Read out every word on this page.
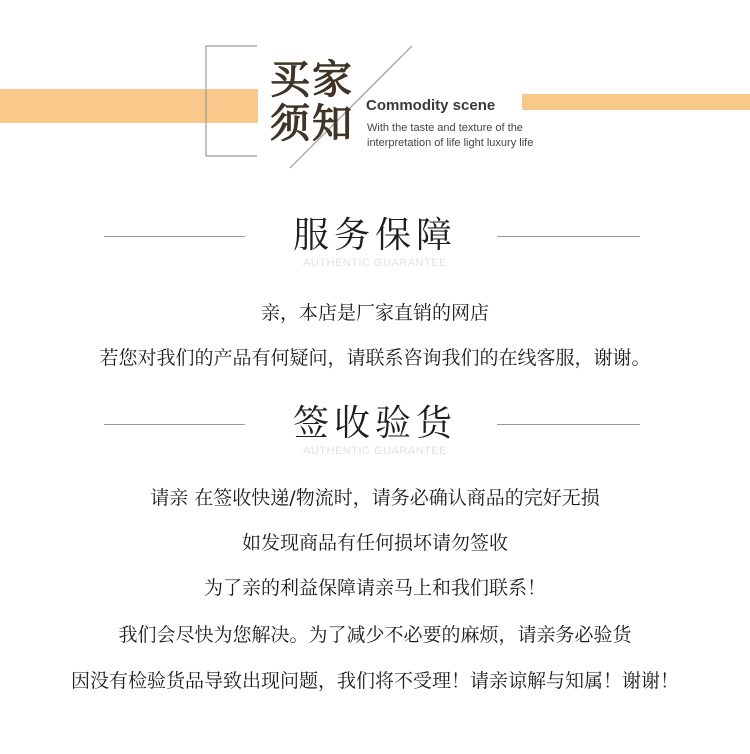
买家
须知 Commodity scene
With the taste and texture of the
interpretation of life light luxury life
服务保障
AUTHENTIC GUARANTEE
亲，本店是厂家直销的网店
若您对我们的产品有何疑问，请联系咨询我们的在线客服，谢谢。
签收验货
AUTHENTIC GUARANTEE
请亲 在签收快递/物流时，请务必确认商品的完好无损
如发现商品有任何损坏请勿签收
为了亲的利益保障请亲马上和我们联系！
我们会尽快为您解决。为了减少不必要的麻烦，请亲务必验货
因没有检验货品导致出现问题，我们将不受理！请亲谅解与知属！谢谢！
